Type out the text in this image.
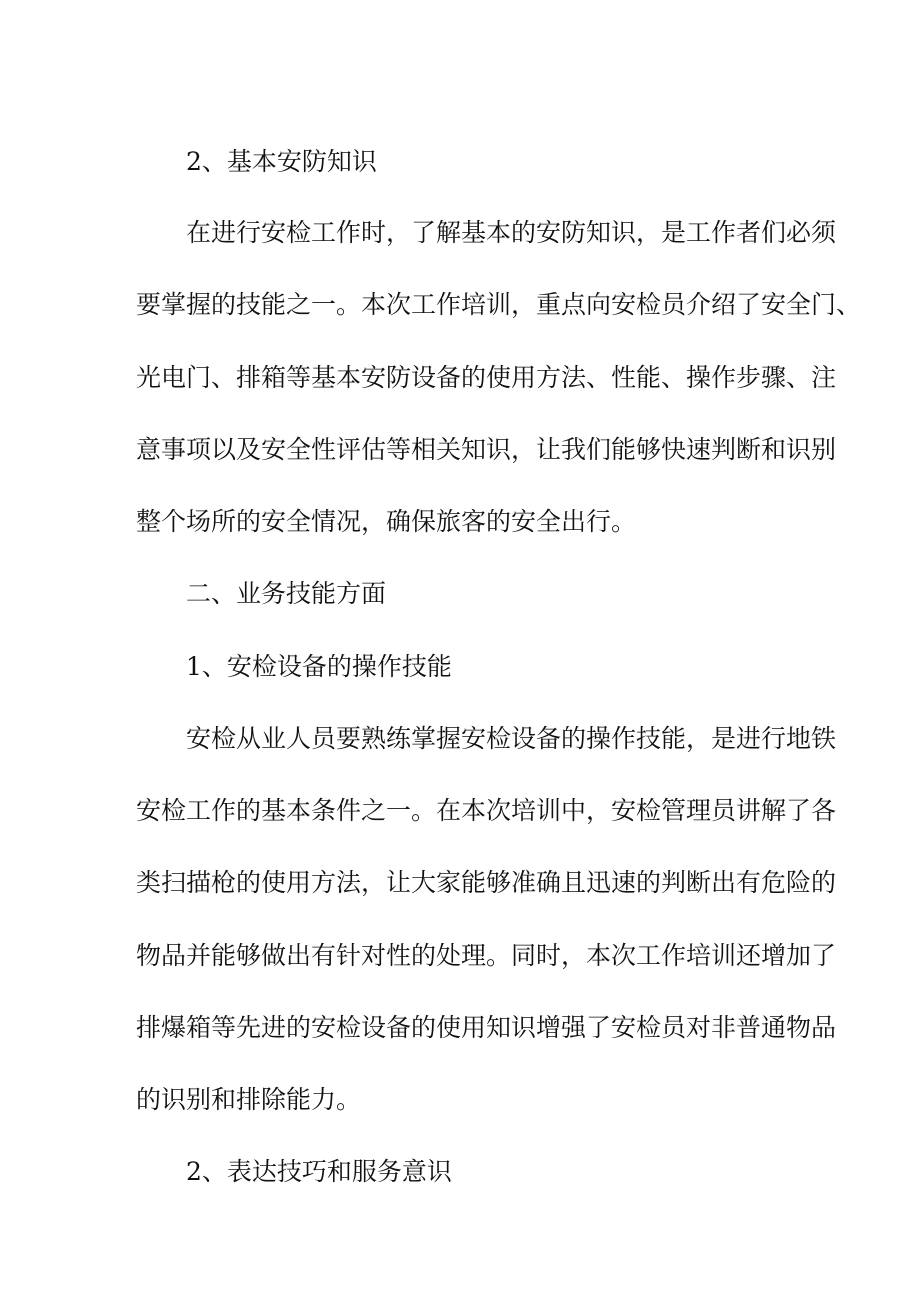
2、基本安防知识
在进行安检工作时，了解基本的安防知识，是工作者们必须
要掌握的技能之一。本次工作培训，重点向安检员介绍了安全门、
光电门、排箱等基本安防设备的使用方法、性能、操作步骤、注
意事项以及安全性评估等相关知识，让我们能够快速判断和识别
整个场所的安全情况，确保旅客的安全出行。
二、业务技能方面
1、安检设备的操作技能
安检从业人员要熟练掌握安检设备的操作技能，是进行地铁
安检工作的基本条件之一。在本次培训中，安检管理员讲解了各
类扫描枪的使用方法，让大家能够准确且迅速的判断出有危险的
物品并能够做出有针对性的处理。同时，本次工作培训还增加了
排爆箱等先进的安检设备的使用知识增强了安检员对非普通物品
的识别和排除能力。
2、表达技巧和服务意识
